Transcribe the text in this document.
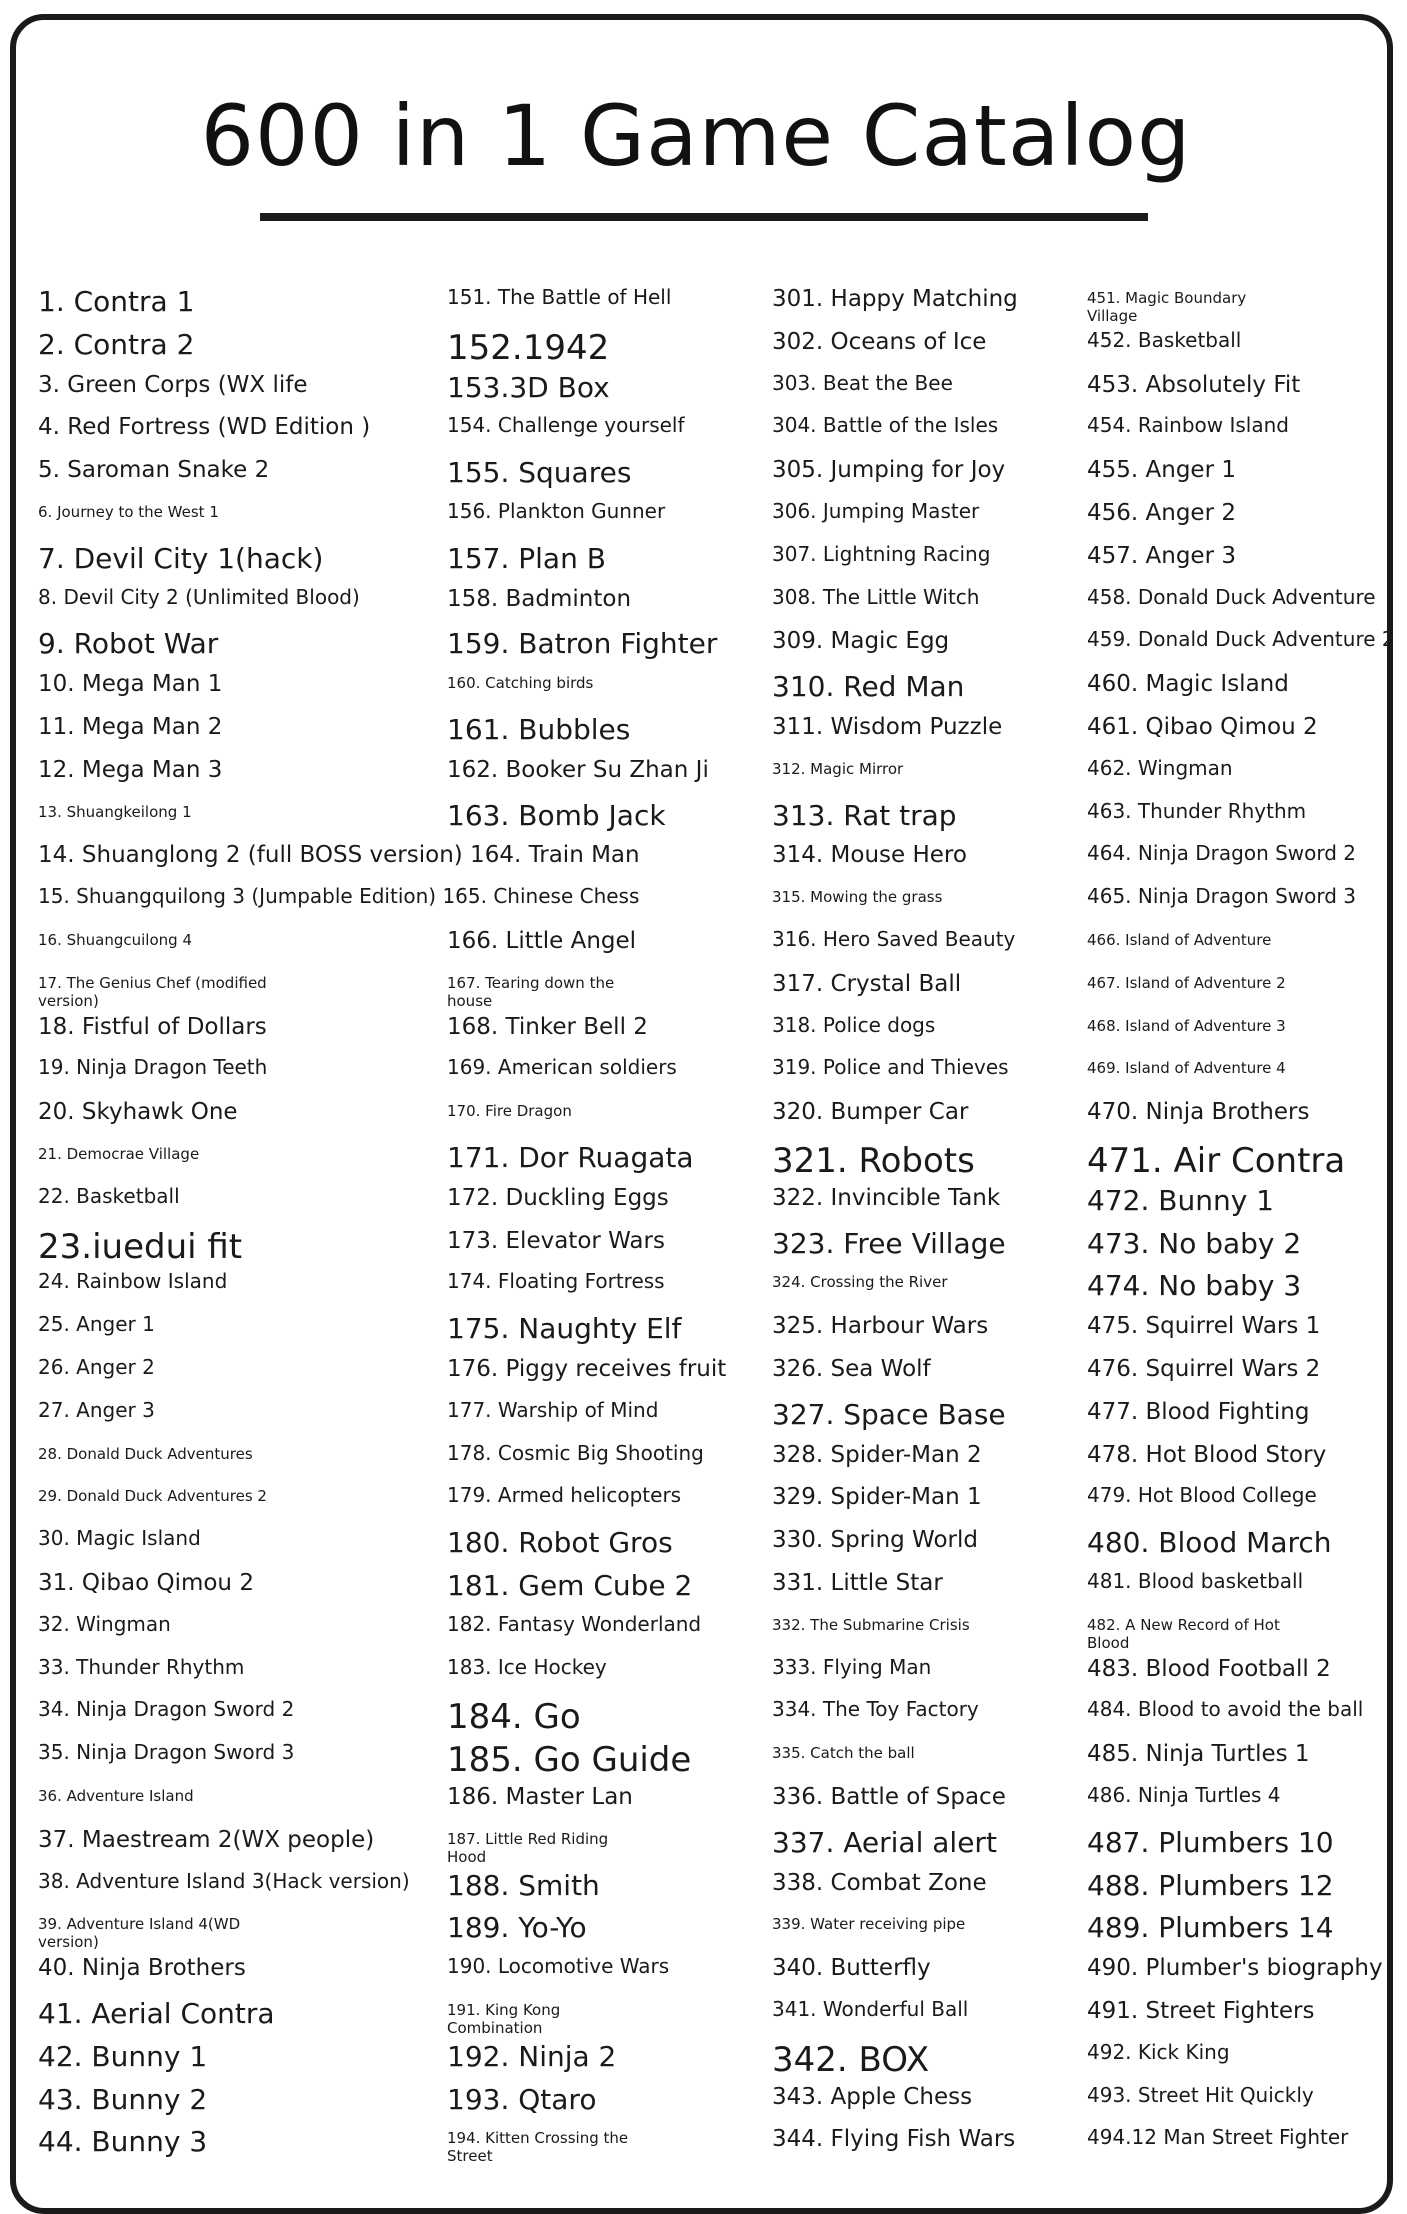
600 in 1 Game Catalog
1. Contra 1
2. Contra 2
3. Green Corps (WX life
4. Red Fortress (WD Edition )
5. Saroman Snake 2
6. Journey to the West 1
7. Devil City 1(hack)
8. Devil City 2 (Unlimited Blood)
9. Robot War
10. Mega Man 1
11. Mega Man 2
12. Mega Man 3
13. Shuangkeilong 1
14. Shuanglong 2 (full BOSS version) 164. Train Man
15. Shuangquilong 3 (Jumpable Edition) 165. Chinese Chess
16. Shuangcuilong 4
17. The Genius Chef (modified version)
18. Fistful of Dollars
19. Ninja Dragon Teeth
20. Skyhawk One
21. Democrae Village
22. Basketball
23.iuedui fit
24. Rainbow Island
25. Anger 1
26. Anger 2
27. Anger 3
28. Donald Duck Adventures
29. Donald Duck Adventures 2
30. Magic Island
31. Qibao Qimou 2
32. Wingman
33. Thunder Rhythm
34. Ninja Dragon Sword 2
35. Ninja Dragon Sword 3
36. Adventure Island
37. Maestream 2(WX people)
38. Adventure Island 3(Hack version)
39. Adventure Island 4(WD version)
40. Ninja Brothers
41. Aerial Contra
42. Bunny 1
43. Bunny 2
44. Bunny 3
151. The Battle of Hell
152.1942
153.3D Box
154. Challenge yourself
155. Squares
156. Plankton Gunner
157. Plan B
158. Badminton
159. Batron Fighter
160. Catching birds
161. Bubbles
162. Booker Su Zhan Ji
163. Bomb Jack
166. Little Angel
167. Tearing down the house
168. Tinker Bell 2
169. American soldiers
170. Fire Dragon
171. Dor Ruagata
172. Duckling Eggs
173. Elevator Wars
174. Floating Fortress
175. Naughty Elf
176. Piggy receives fruit
177. Warship of Mind
178. Cosmic Big Shooting
179. Armed helicopters
180. Robot Gros
181. Gem Cube 2
182. Fantasy Wonderland
183. Ice Hockey
184. Go
185. Go Guide
186. Master Lan
187. Little Red Riding Hood
188. Smith
189. Yo-Yo
190. Locomotive Wars
191. King Kong Combination
192. Ninja 2
193. Qtaro
194. Kitten Crossing the Street
301. Happy Matching
302. Oceans of Ice
303. Beat the Bee
304. Battle of the Isles
305. Jumping for Joy
306. Jumping Master
307. Lightning Racing
308. The Little Witch
309. Magic Egg
310. Red Man
311. Wisdom Puzzle
312. Magic Mirror
313. Rat trap
314. Mouse Hero
315. Mowing the grass
316. Hero Saved Beauty
317. Crystal Ball
318. Police dogs
319. Police and Thieves
320. Bumper Car
321. Robots
322. Invincible Tank
323. Free Village
324. Crossing the River
325. Harbour Wars
326. Sea Wolf
327. Space Base
328. Spider-Man 2
329. Spider-Man 1
330. Spring World
331. Little Star
332. The Submarine Crisis
333. Flying Man
334. The Toy Factory
335. Catch the ball
336. Battle of Space
337. Aerial alert
338. Combat Zone
339. Water receiving pipe
340. Butterfly
341. Wonderful Ball
342. BOX
343. Apple Chess
344. Flying Fish Wars
451. Magic Boundary Village
452. Basketball
453. Absolutely Fit
454. Rainbow Island
455. Anger 1
456. Anger 2
457. Anger 3
458. Donald Duck Adventure
459. Donald Duck Adventure 2
460. Magic Island
461. Qibao Qimou 2
462. Wingman
463. Thunder Rhythm
464. Ninja Dragon Sword 2
465. Ninja Dragon Sword 3
466. Island of Adventure
467. Island of Adventure 2
468. Island of Adventure 3
469. Island of Adventure 4
470. Ninja Brothers
471. Air Contra
472. Bunny 1
473. No baby 2
474. No baby 3
475. Squirrel Wars 1
476. Squirrel Wars 2
477. Blood Fighting
478. Hot Blood Story
479. Hot Blood College
480. Blood March
481. Blood basketball
482. A New Record of Hot Blood
483. Blood Football 2
484. Blood to avoid the ball
485. Ninja Turtles 1
486. Ninja Turtles 4
487. Plumbers 10
488. Plumbers 12
489. Plumbers 14
490. Plumber's biography
491. Street Fighters
492. Kick King
493. Street Hit Quickly
494.12 Man Street Fighter
